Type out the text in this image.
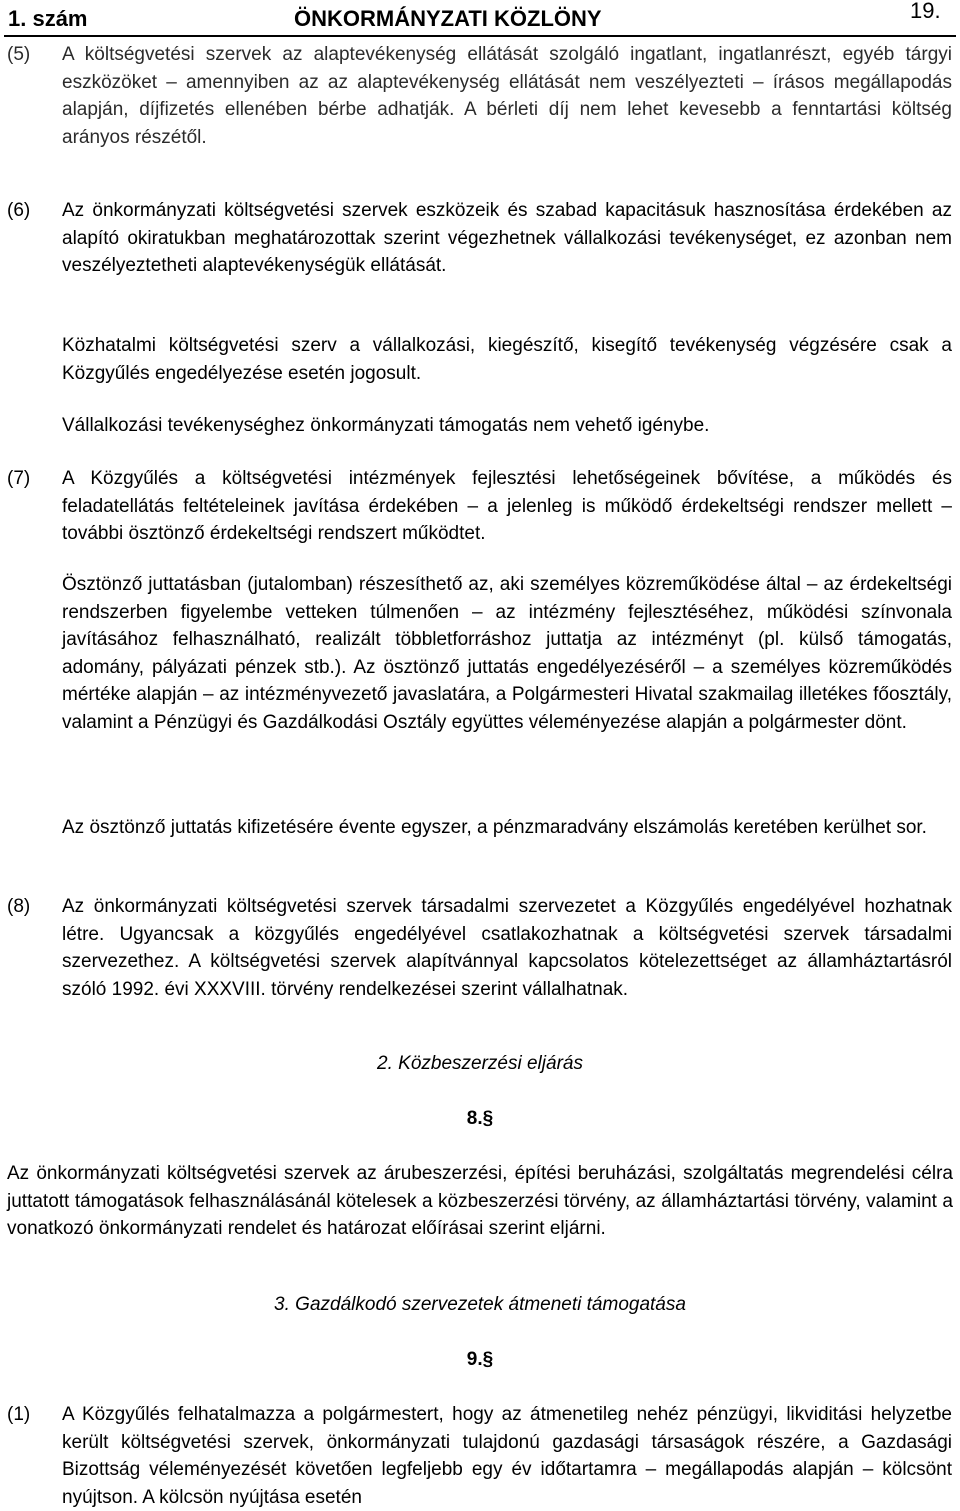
1. szám	ÖNKORMÁNYZATI KÖZLÖNY	19.
(5) A költségvetési szervek az alaptevékenység ellátását szolgáló ingatlant, ingatlanrészt, egyéb tárgyi eszközöket – amennyiben az az alaptevékenység ellátását nem veszélyezteti – írásos megállapodás alapján, díjfizetés ellenében bérbe adhatják. A bérleti díj nem lehet kevesebb a fenntartási költség arányos részétől.
(6) Az önkormányzati költségvetési szervek eszközeik és szabad kapacitásuk hasznosítása érdekében az alapító okiratukban meghatározottak szerint végezhetnek vállalkozási tevékenységet, ez azonban nem veszélyeztetheti alaptevékenységük ellátását.
Közhatalmi költségvetési szerv a vállalkozási, kiegészítő, kisegítő tevékenység végzésére csak a Közgyűlés engedélyezése esetén jogosult.
Vállalkozási tevékenységhez önkormányzati támogatás nem vehető igénybe.
(7) A Közgyűlés a költségvetési intézmények fejlesztési lehetőségeinek bővítése, a működés és feladatellátás feltételeinek javítása érdekében – a jelenleg is működő érdekeltségi rendszer mellett – további ösztönző érdekeltségi rendszert működtet.
Ösztönző juttatásban (jutalomban) részesíthető az, aki személyes közreműködése által – az érdekeltségi rendszerben figyelembe vetteken túlmenően – az intézmény fejlesztéséhez, működési színvonala javításához felhasználható, realizált többletforráshoz juttatja az intézményt (pl. külső támogatás, adomány, pályázati pénzek stb.). Az ösztönző juttatás engedélyezéséről – a személyes közreműködés mértéke alapján – az intézményvezető javaslatára, a Polgármesteri Hivatal szakmailag illetékes főosztály, valamint a Pénzügyi és Gazdálkodási Osztály együttes véleményezése alapján a polgármester dönt.
Az ösztönző juttatás kifizetésére évente egyszer, a pénzmaradvány elszámolás keretében kerülhet sor.
(8) Az önkormányzati költségvetési szervek társadalmi szervezetet a Közgyűlés engedélyével hozhatnak létre. Ugyancsak a közgyűlés engedélyével csatlakozhatnak a költségvetési szervek társadalmi szervezethez. A költségvetési szervek alapítvánnyal kapcsolatos kötelezettséget az államháztartásról szóló 1992. évi XXXVIII. törvény rendelkezései szerint vállalhatnak.
2. Közbeszerzési eljárás
8.§
Az önkormányzati költségvetési szervek az árubeszerzési, építési beruházási, szolgáltatás megrendelési célra juttatott támogatások felhasználásánál kötelesek a közbeszerzési törvény, az államháztartási törvény, valamint a vonatkozó önkormányzati rendelet és határozat előírásai szerint eljárni.
3. Gazdálkodó szervezetek átmeneti támogatása
9.§
(1) A Közgyűlés felhatalmazza a polgármestert, hogy az átmenetileg nehéz pénzügyi, likviditási helyzetbe került költségvetési szervek, önkormányzati tulajdonú gazdasági társaságok részére, a Gazdasági Bizottság véleményezését követően legfeljebb egy év időtartamra – megállapodás alapján – kölcsönt nyújtson. A kölcsön nyújtása esetén
